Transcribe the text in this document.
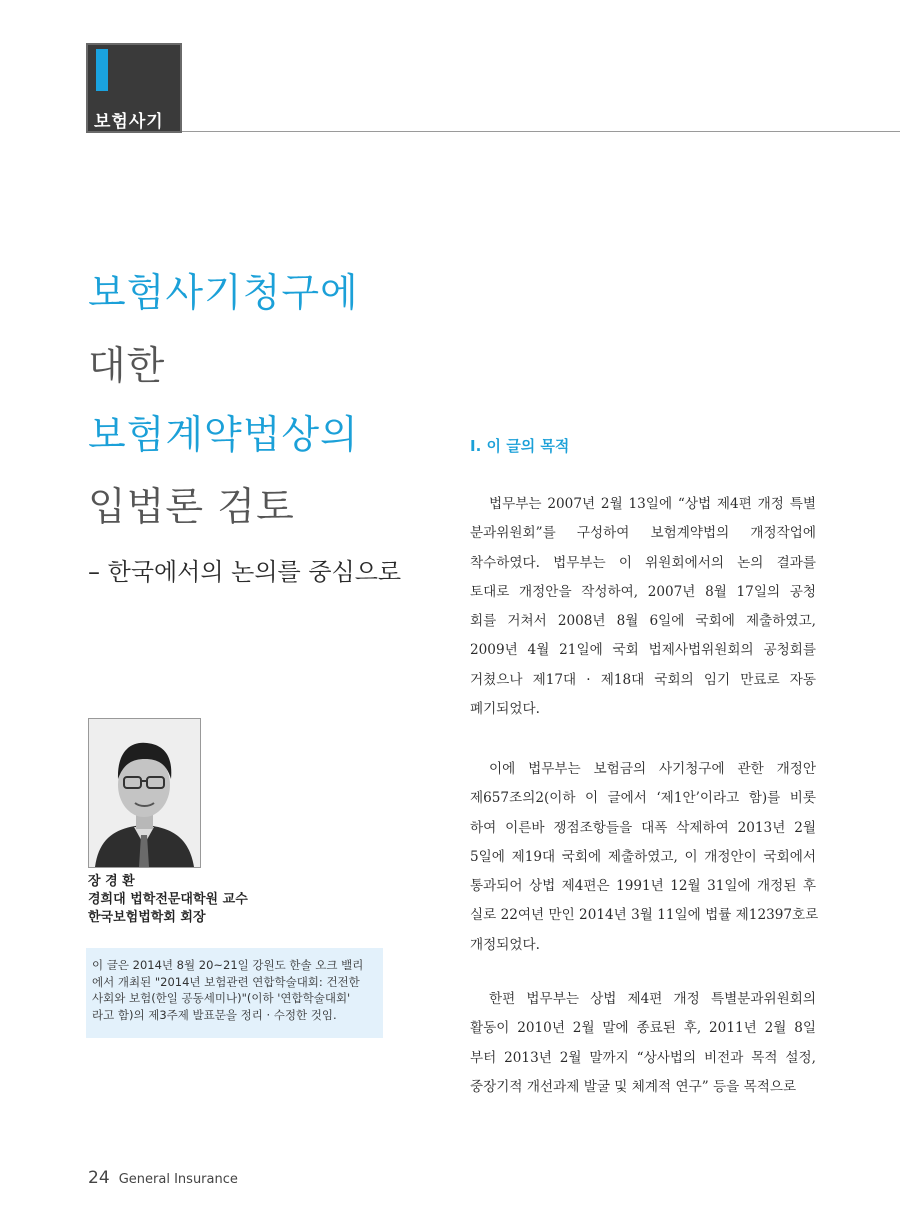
보험사기
보험사기청구에
대한
보험계약법상의
입법론 검토
– 한국에서의 논의를 중심으로
장 경 환
경희대 법학전문대학원 교수
한국보험법학회 회장
이 글은 2014년 8월 20~21일 강원도 한솔 오크 밸리
에서 개최된 "2014년 보험관련 연합학술대회: 건전한
사회와 보험(한일 공동세미나)"(이하 '연합학술대회'
라고 함)의 제3주제 발표문을 정리 · 수정한 것임.
Ⅰ. 이 글의 목적
법무부는 2007년 2월 13일에 “상법 제4편 개정 특별
분과위원회”를 구성하여 보험계약법의 개정작업에
착수하였다. 법무부는 이 위원회에서의 논의 결과를
토대로 개정안을 작성하여, 2007년 8월 17일의 공청
회를 거쳐서 2008년 8월 6일에 국회에 제출하였고,
2009년 4월 21일에 국회 법제사법위원회의 공청회를
거쳤으나 제17대 · 제18대 국회의 임기 만료로 자동
폐기되었다.
이에 법무부는 보험금의 사기청구에 관한 개정안
제657조의2(이하 이 글에서 ‘제1안’이라고 함)를 비롯
하여 이른바 쟁점조항들을 대폭 삭제하여 2013년 2월
5일에 제19대 국회에 제출하였고, 이 개정안이 국회에서
통과되어 상법 제4편은 1991년 12월 31일에 개정된 후
실로 22여년 만인 2014년 3월 11일에 법률 제12397호로
개정되었다.
한편 법무부는 상법 제4편 개정 특별분과위원회의
활동이 2010년 2월 말에 종료된 후, 2011년 2월 8일
부터 2013년 2월 말까지 “상사법의 비전과 목적 설정,
중장기적 개선과제 발굴 및 체계적 연구” 등을 목적으로
24 General Insurance
